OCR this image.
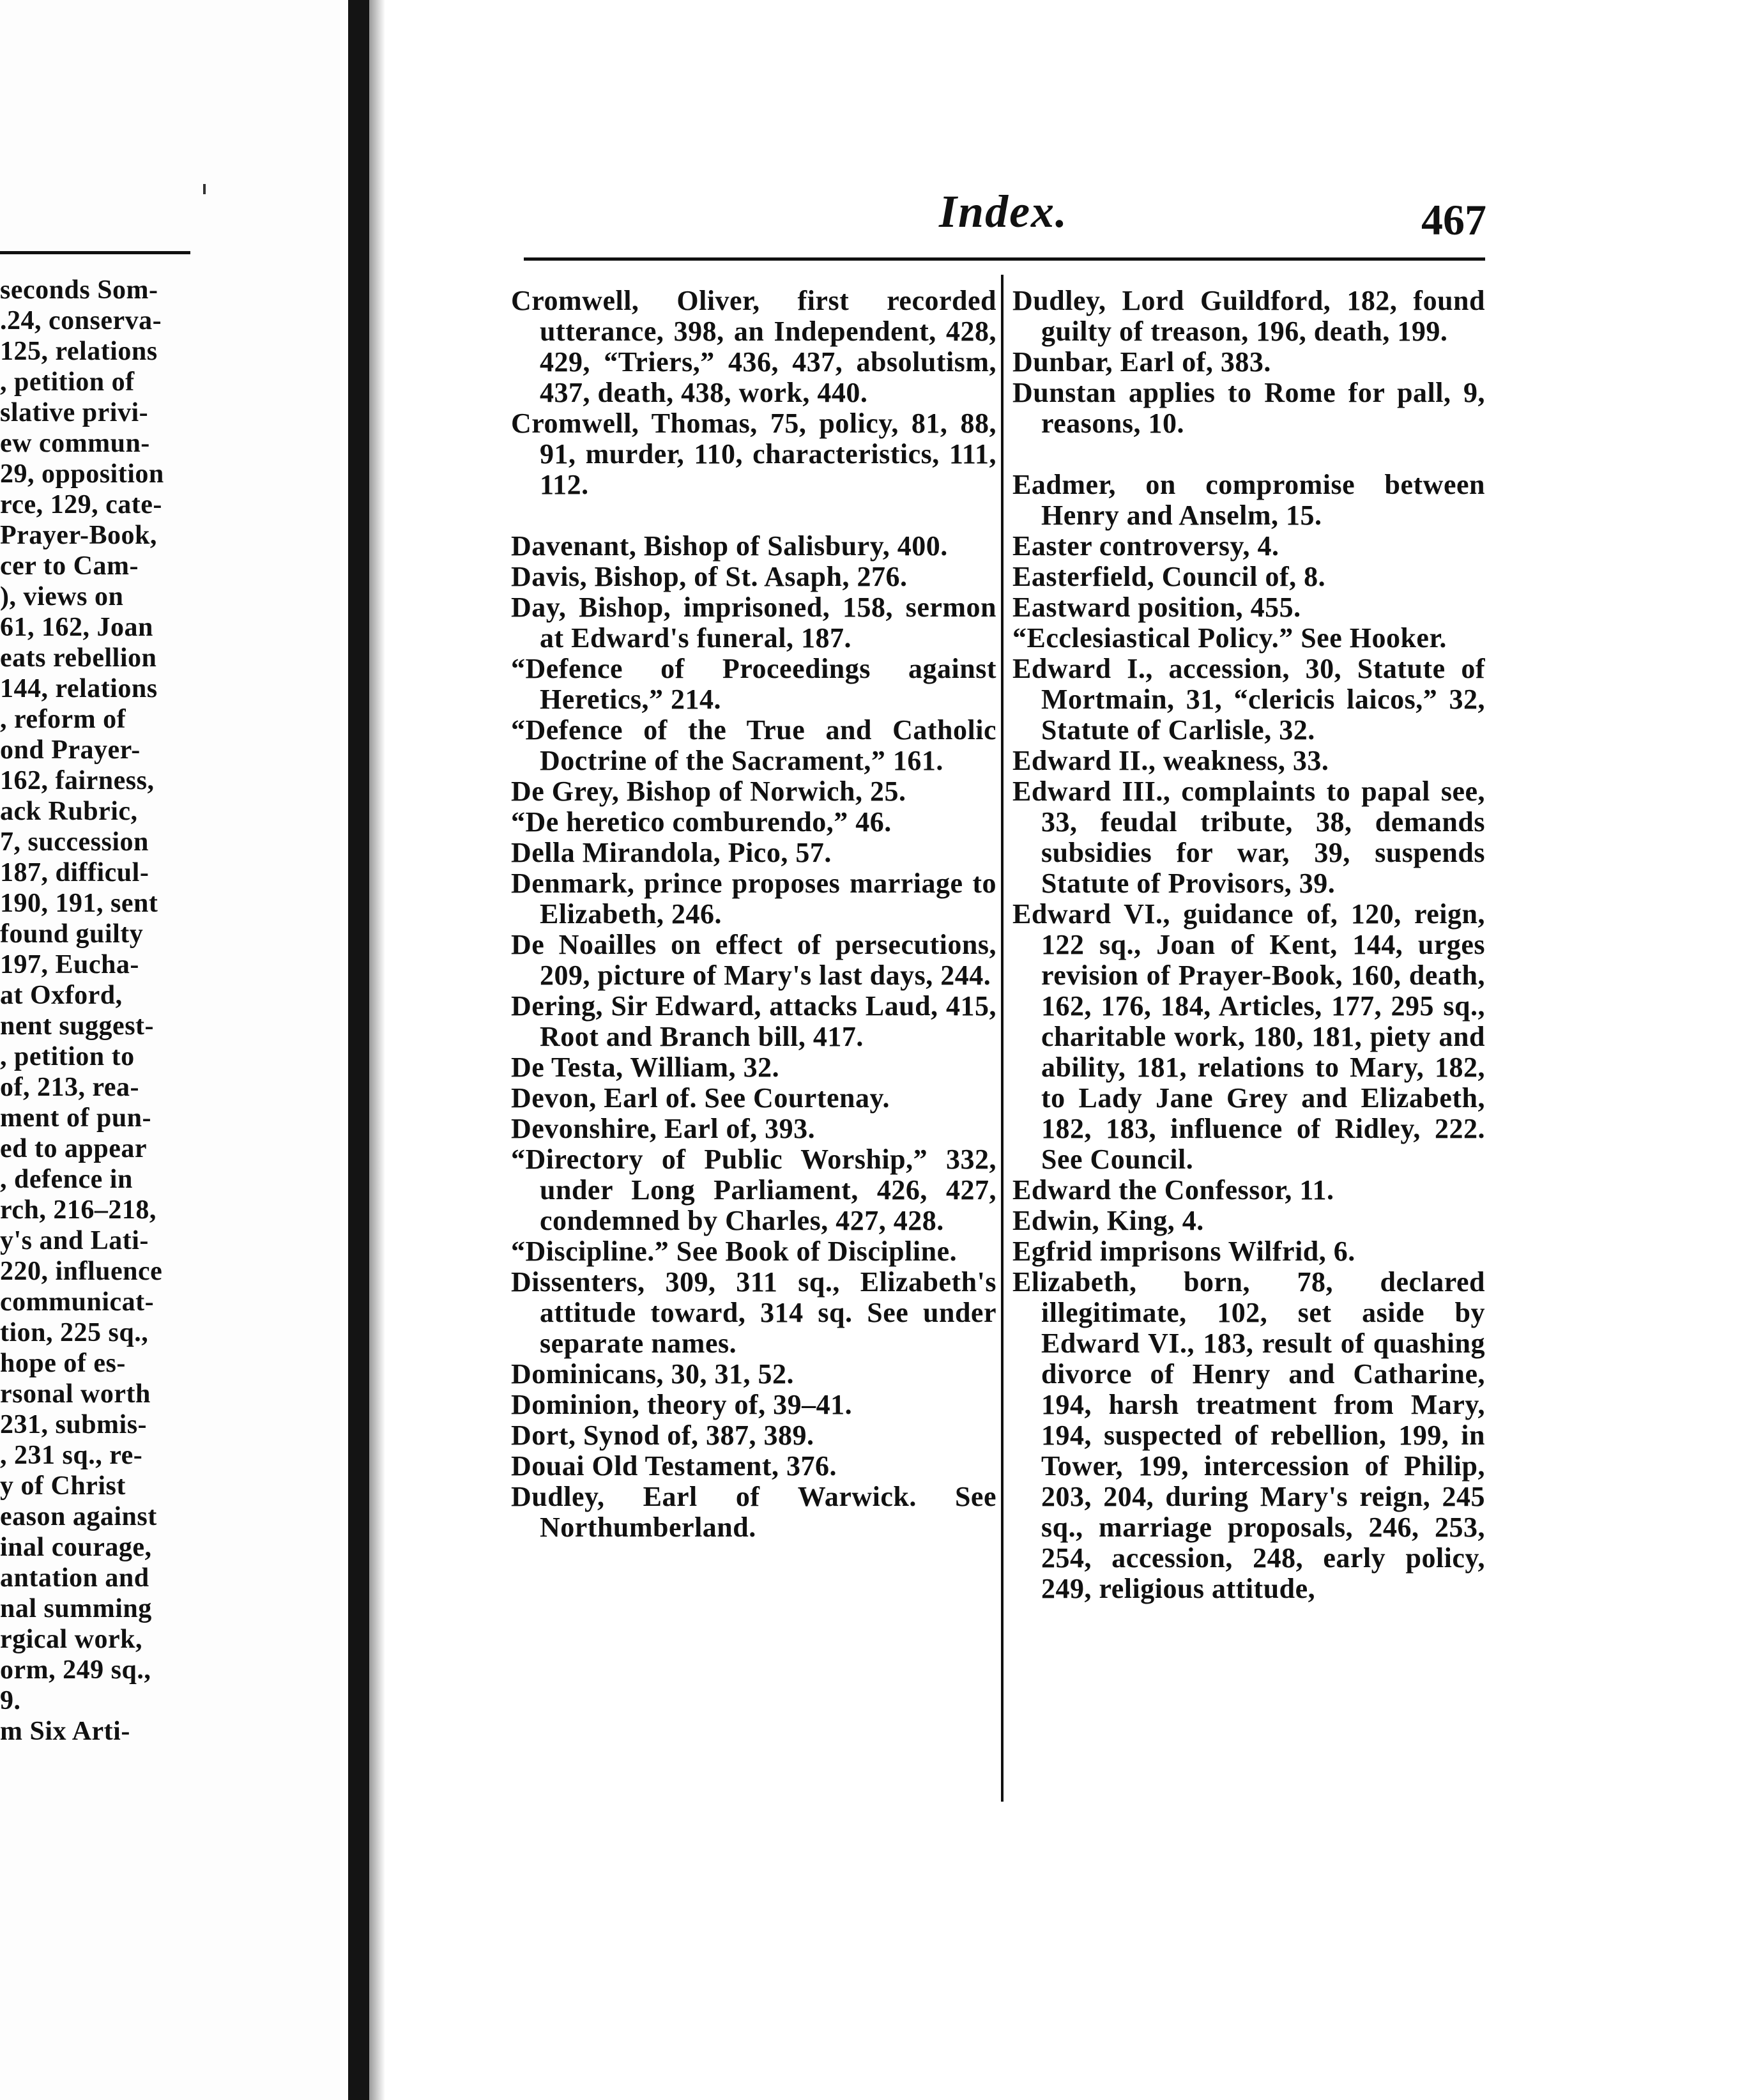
seconds Som-
.24, conserva-
125, relations
, petition of
slative privi-
ew commun-
29, opposition
rce, 129, cate-
Prayer-Book,
cer to Cam-
), views on
61, 162, Joan
eats rebellion
144, relations
, reform of
ond Prayer-
162, fairness,
ack Rubric,
7, succession
187, difficul-
190, 191, sent
found guilty
197, Eucha-
at Oxford,
nent suggest-
, petition to
of, 213, rea-
ment of pun-
ed to appear
, defence in
rch, 216–218,
y's and Lati-
220, influence
communicat-
tion, 225 sq.,
hope of es-
rsonal worth
231, submis-
, 231 sq., re-
y of Christ
eason against
inal courage,
antation and
nal summing
rgical work,
orm, 249 sq.,
9.
m Six Arti-
Index.	467

Cromwell, Oliver, first recorded utterance, 398, an Independent, 428, 429, “Triers,” 436, 437, absolutism, 437, death, 438, work, 440.

Cromwell, Thomas, 75, policy, 81, 88, 91, murder, 110, characteristics, 111, 112.

Davenant, Bishop of Salisbury, 400.

Davis, Bishop, of St. Asaph, 276.

Day, Bishop, imprisoned, 158, sermon at Edward's funeral, 187.

“Defence of Proceedings against Heretics,” 214.

“Defence of the True and Catholic Doctrine of the Sacrament,” 161.

De Grey, Bishop of Norwich, 25.

“De heretico comburendo,” 46.

Della Mirandola, Pico, 57.

Denmark, prince proposes marriage to Elizabeth, 246.

De Noailles on effect of persecutions, 209, picture of Mary's last days, 244.

Dering, Sir Edward, attacks Laud, 415, Root and Branch bill, 417.

De Testa, William, 32.

Devon, Earl of. See Courtenay.

Devonshire, Earl of, 393.

“Directory of Public Worship,” 332, under Long Parliament, 426, 427, condemned by Charles, 427, 428.

“Discipline.” See Book of Discipline.

Dissenters, 309, 311 sq., Elizabeth's attitude toward, 314 sq. See under separate names.

Dominicans, 30, 31, 52.

Dominion, theory of, 39–41.

Dort, Synod of, 387, 389.

Douai Old Testament, 376.

Dudley, Earl of Warwick. See Northumberland.

Dudley, Lord Guildford, 182, found guilty of treason, 196, death, 199.

Dunbar, Earl of, 383.

Dunstan applies to Rome for pall, 9, reasons, 10.

Eadmer, on compromise between Henry and Anselm, 15.

Easter controversy, 4.

Easterfield, Council of, 8.

Eastward position, 455.

“Ecclesiastical Policy.” See Hooker.

Edward I., accession, 30, Statute of Mortmain, 31, “clericis laicos,” 32, Statute of Carlisle, 32.

Edward II., weakness, 33.

Edward III., complaints to papal see, 33, feudal tribute, 38, demands subsidies for war, 39, suspends Statute of Provisors, 39.

Edward VI., guidance of, 120, reign, 122 sq., Joan of Kent, 144, urges revision of Prayer-Book, 160, death, 162, 176, 184, Articles, 177, 295 sq., charitable work, 180, 181, piety and ability, 181, relations to Mary, 182, to Lady Jane Grey and Elizabeth, 182, 183, influence of Ridley, 222. See Council.

Edward the Confessor, 11.

Edwin, King, 4.

Egfrid imprisons Wilfrid, 6.

Elizabeth, born, 78, declared illegitimate, 102, set aside by Edward VI., 183, result of quashing divorce of Henry and Catharine, 194, harsh treatment from Mary, 194, suspected of rebellion, 199, in Tower, 199, intercession of Philip, 203, 204, during Mary's reign, 245 sq., marriage proposals, 246, 253, 254, accession, 248, early policy, 249, religious attitude,
